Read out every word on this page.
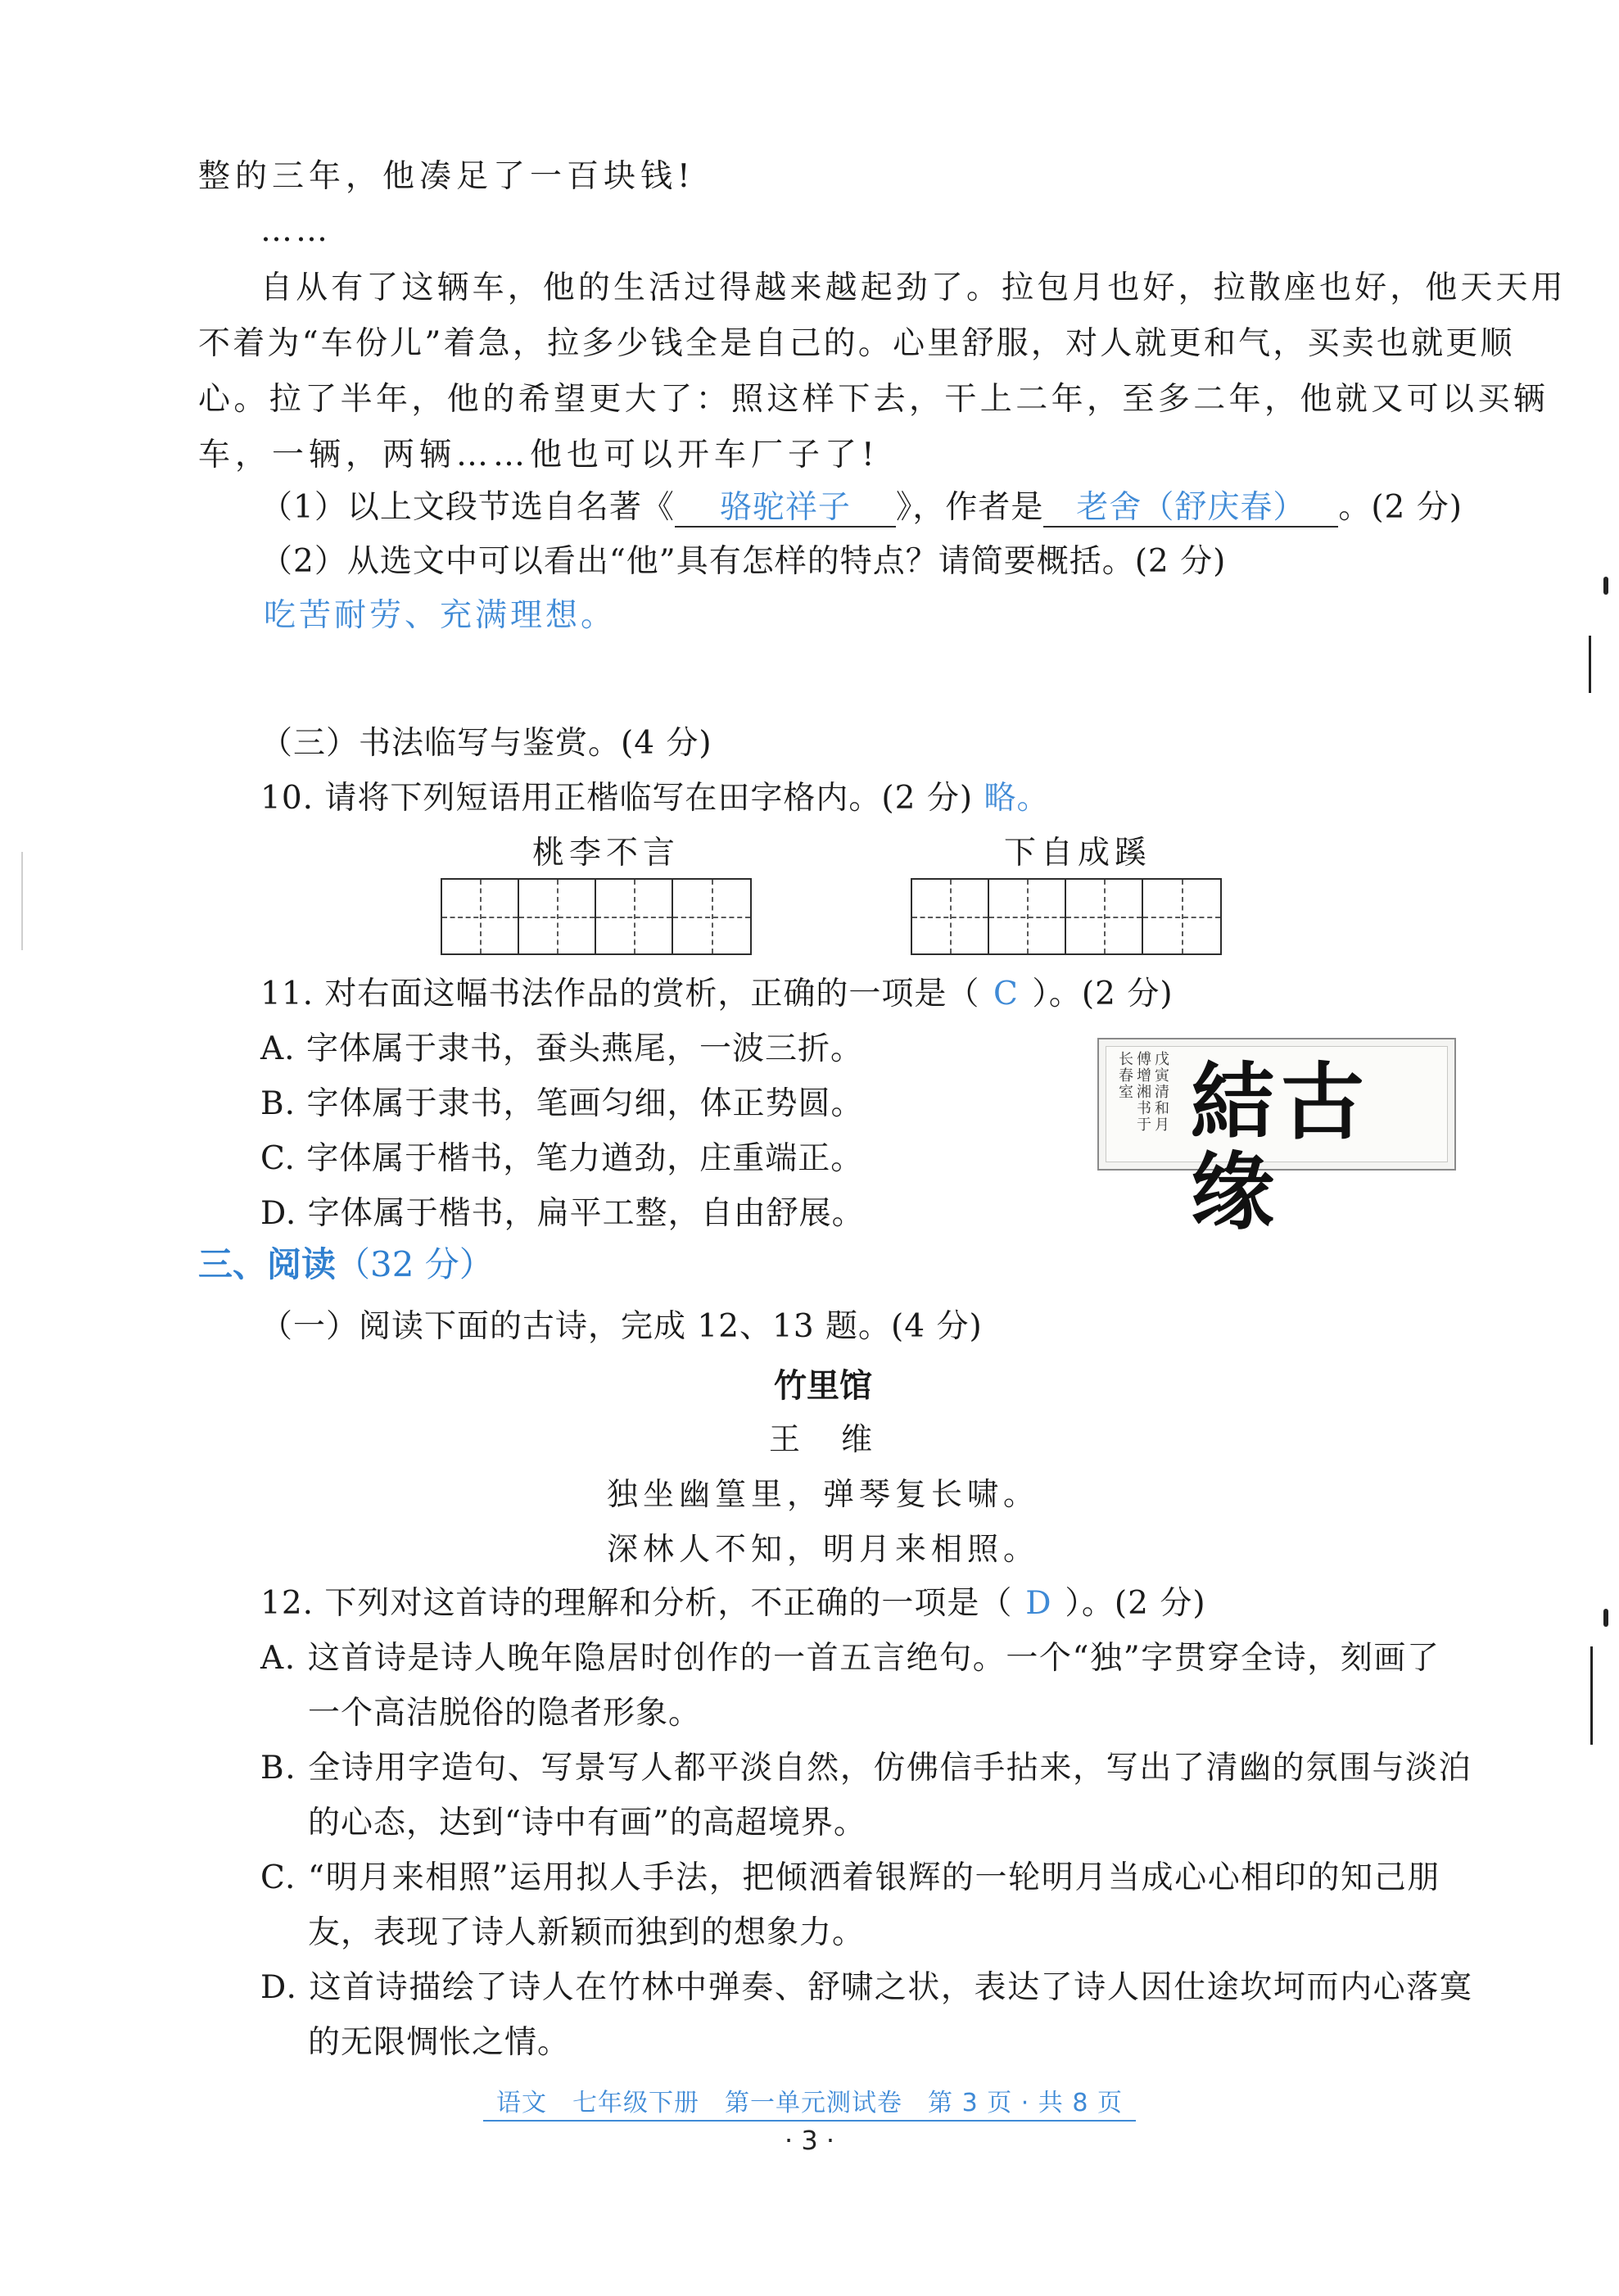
整的三年，他凑足了一百块钱!
……
自从有了这辆车，他的生活过得越来越起劲了。拉包月也好，拉散座也好，他天天用
不着为“车份儿”着急，拉多少钱全是自己的。心里舒服，对人就更和气，买卖也就更顺
心。拉了半年，他的希望更大了：照这样下去，干上二年，至多二年，他就又可以买辆
车，一辆，两辆……他也可以开车厂子了!
（1）以上文段节选自名著《 骆驼祥子 》，作者是 老舍（舒庆春） 。(2 分)
（2）从选文中可以看出“他”具有怎样的特点？请简要概括。(2 分)
吃苦耐劳、充满理想。
（三）书法临写与鉴赏。(4 分)
10. 请将下列短语用正楷临写在田字格内。(2 分) 略。
桃李不言	下自成蹊
11. 对右面这幅书法作品的赏析，正确的一项是（ C ）。(2 分)
A. 字体属于隶书，蚕头燕尾，一波三折。
B. 字体属于隶书，笔画匀细，体正势圆。
C. 字体属于楷书，笔力遒劲，庄重端正。
D. 字体属于楷书，扁平工整，自由舒展。
戊寅清和月 傅增湘书于 长春室 結古缘
三、阅读（32 分）
（一）阅读下面的古诗，完成 12、13 题。(4 分)
竹里馆
王　维
独坐幽篁里，弹琴复长啸。
深林人不知，明月来相照。
12. 下列对这首诗的理解和分析，不正确的一项是（ D ）。(2 分)
A. 这首诗是诗人晚年隐居时创作的一首五言绝句。一个“独”字贯穿全诗，刻画了
一个高洁脱俗的隐者形象。
B. 全诗用字造句、写景写人都平淡自然，仿佛信手拈来，写出了清幽的氛围与淡泊
的心态，达到“诗中有画”的高超境界。
C. “明月来相照”运用拟人手法，把倾洒着银辉的一轮明月当成心心相印的知己朋
友，表现了诗人新颖而独到的想象力。
D. 这首诗描绘了诗人在竹林中弹奏、舒啸之状，表达了诗人因仕途坎坷而内心落寞
的无限惆怅之情。
语文　七年级下册　第一单元测试卷　第 3 页 · 共 8 页
· 3 ·
